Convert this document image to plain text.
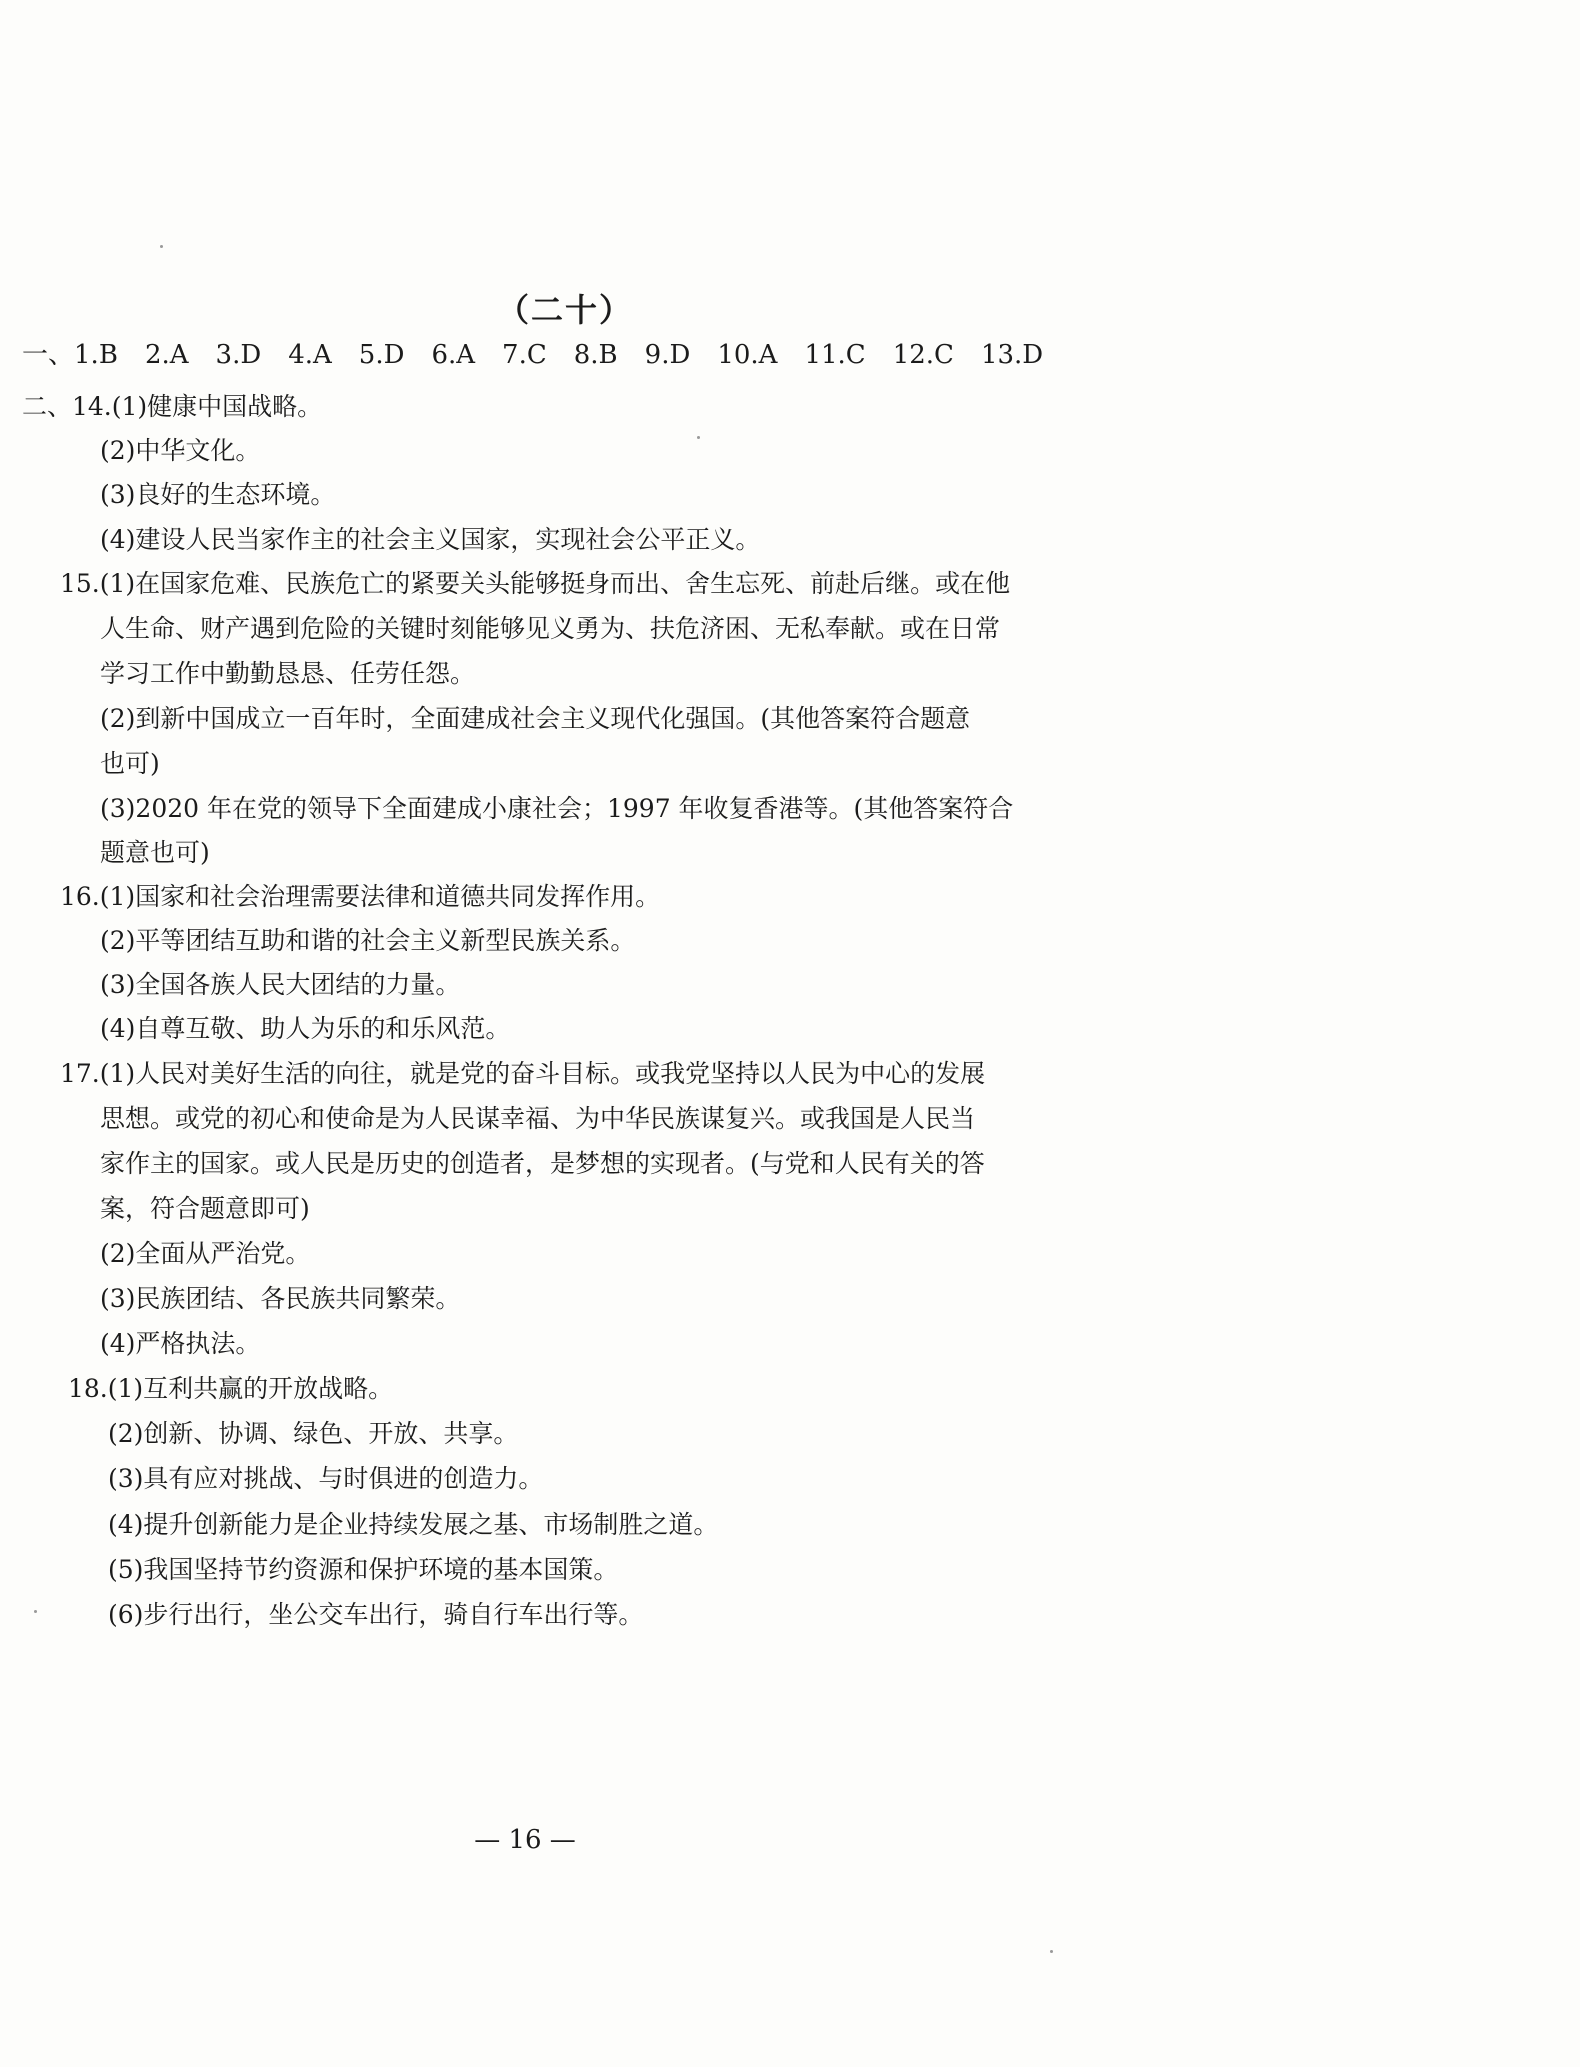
（二十）
一、 1.B 2.A 3.D 4.A 5.D 6.A 7.C 8.B 9.D 10.A 11.C 12.C 13.D
二、14.(1)健康中国战略。
(2)中华文化。
(3)良好的生态环境。
(4)建设人民当家作主的社会主义国家，实现社会公平正义。
15.(1)在国家危难、民族危亡的紧要关头能够挺身而出、舍生忘死、前赴后继。或在他
人生命、财产遇到危险的关键时刻能够见义勇为、扶危济困、无私奉献。或在日常
学习工作中勤勤恳恳、任劳任怨。
(2)到新中国成立一百年时，全面建成社会主义现代化强国。(其他答案符合题意
也可)
(3)2020 年在党的领导下全面建成小康社会；1997 年收复香港等。(其他答案符合
题意也可)
16.(1)国家和社会治理需要法律和道德共同发挥作用。
(2)平等团结互助和谐的社会主义新型民族关系。
(3)全国各族人民大团结的力量。
(4)自尊互敬、助人为乐的和乐风范。
17.(1)人民对美好生活的向往，就是党的奋斗目标。或我党坚持以人民为中心的发展
思想。或党的初心和使命是为人民谋幸福、为中华民族谋复兴。或我国是人民当
家作主的国家。或人民是历史的创造者，是梦想的实现者。(与党和人民有关的答
案，符合题意即可)
(2)全面从严治党。
(3)民族团结、各民族共同繁荣。
(4)严格执法。
18.(1)互利共赢的开放战略。
(2)创新、协调、绿色、开放、共享。
(3)具有应对挑战、与时俱进的创造力。
(4)提升创新能力是企业持续发展之基、市场制胜之道。
(5)我国坚持节约资源和保护环境的基本国策。
(6)步行出行，坐公交车出行，骑自行车出行等。
— 16 —
